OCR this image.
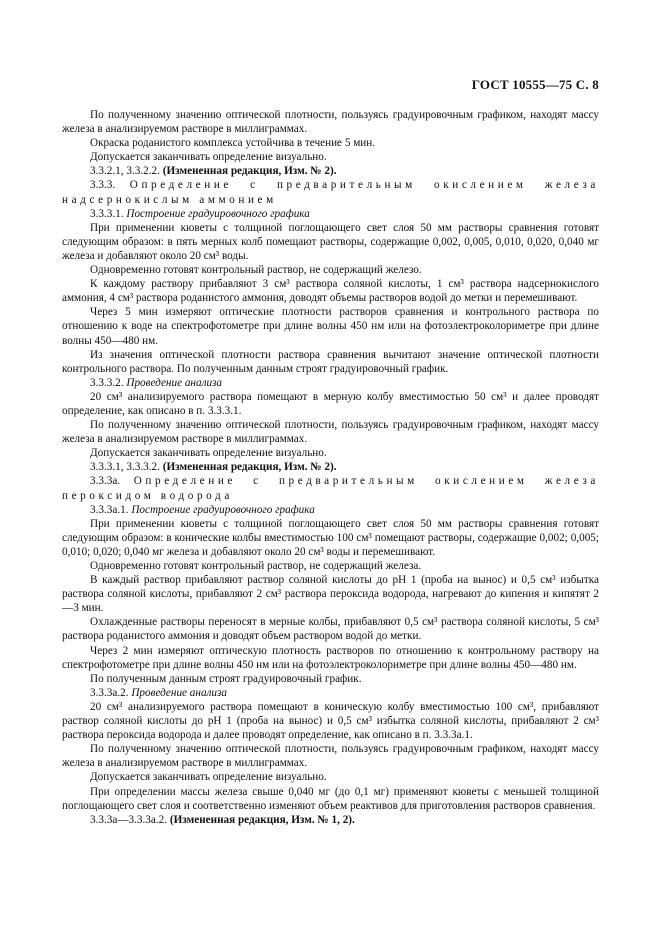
ГОСТ 10555—75 С. 8

По полученному значению оптической плотности, пользуясь градуировочным графиком, находят массу железа в анализируемом растворе в миллиграммах.

Окраска роданистого комплекса устойчива в течение 5 мин.

Допускается заканчивать определение визуально.

3.3.2.1, 3.3.2.2. (Измененная редакция, Изм. № 2).

3.3.3. Определение с предварительным окислением железа надсернокислым аммонием

3.3.3.1. Построение градуировочного графика

При применении кюветы с толщиной поглощающего свет слоя 50 мм растворы сравнения готовят следующим образом: в пять мерных колб помещают растворы, содержащие 0,002, 0,005, 0,010, 0,020, 0,040 мг железа и добавляют около 20 см³ воды.

Одновременно готовят контрольный раствор, не содержащий железо.

К каждому раствору прибавляют 3 см³ раствора соляной кислоты, 1 см³ раствора надсернокислого аммония, 4 см³ раствора роданистого аммония, доводят объемы растворов водой до метки и перемешивают.

Через 5 мин измеряют оптические плотности растворов сравнения и контрольного раствора по отношению к воде на спектрофотометре при длине волны 450 нм или на фотоэлектроколориметре при длине волны 450—480 нм.

Из значения оптической плотности раствора сравнения вычитают значение оптической плотности контрольного раствора. По полученным данным строят градуировочный график.

3.3.3.2. Проведение анализа

20 см³ анализируемого раствора помещают в мерную колбу вместимостью 50 см³ и далее проводят определение, как описано в п. 3.3.3.1.

По полученному значению оптической плотности, пользуясь градуировочным графиком, находят массу железа в анализируемом растворе в миллиграммах.

Допускается заканчивать определение визуально.

3.3.3.1, 3.3.3.2. (Измененная редакция, Изм. № 2).

3.3.3а. Определение с предварительным окислением железа пероксидом водорода

3.3.3а.1. Построение градуировочного графика

При применении кюветы с толщиной поглощающего свет слоя 50 мм растворы сравнения готовят следующим образом: в конические колбы вместимостью 100 см³ помещают растворы, содержащие 0,002; 0,005; 0,010; 0,020; 0,040 мг железа и добавляют около 20 см³ воды и перемешивают.

Одновременно готовят контрольный раствор, не содержащий железа.

В каждый раствор прибавляют раствор соляной кислоты до рН 1 (проба на вынос) и 0,5 см³ избытка раствора соляной кислоты, прибавляют 2 см³ раствора пероксида водорода, нагревают до кипения и кипятят 2—3 мин.

Охлажденные растворы переносят в мерные колбы, прибавляют 0,5 см³ раствора соляной кислоты, 5 см³ раствора роданистого аммония и доводят объем раствором водой до метки.

Через 2 мин измеряют оптическую плотность растворов по отношению к контрольному раствору на спектрофотометре при длине волны 450 нм или на фотоэлектроколориметре при длине волны 450—480 нм.

По полученным данным строят градуировочный график.

3.3.3а.2. Проведение анализа

20 см³ анализируемого раствора помещают в коническую колбу вместимостью 100 см³, прибавляют раствор соляной кислоты до рН 1 (проба на вынос) и 0,5 см³ избытка соляной кислоты, прибавляют 2 см³ раствора пероксида водорода и далее проводят определение, как описано в п. 3.3.3а.1.

По полученному значению оптической плотности, пользуясь градуировочным графиком, находят массу железа в анализируемом растворе в миллиграммах.

Допускается заканчивать определение визуально.

При определении массы железа свыше 0,040 мг (до 0,1 мг) применяют кюветы с меньшей толщиной поглощающего свет слоя и соответственно изменяют объем реактивов для приготовления растворов сравнения.

3.3.3а—3.3.3а.2. (Измененная редакция, Изм. № 1, 2).
